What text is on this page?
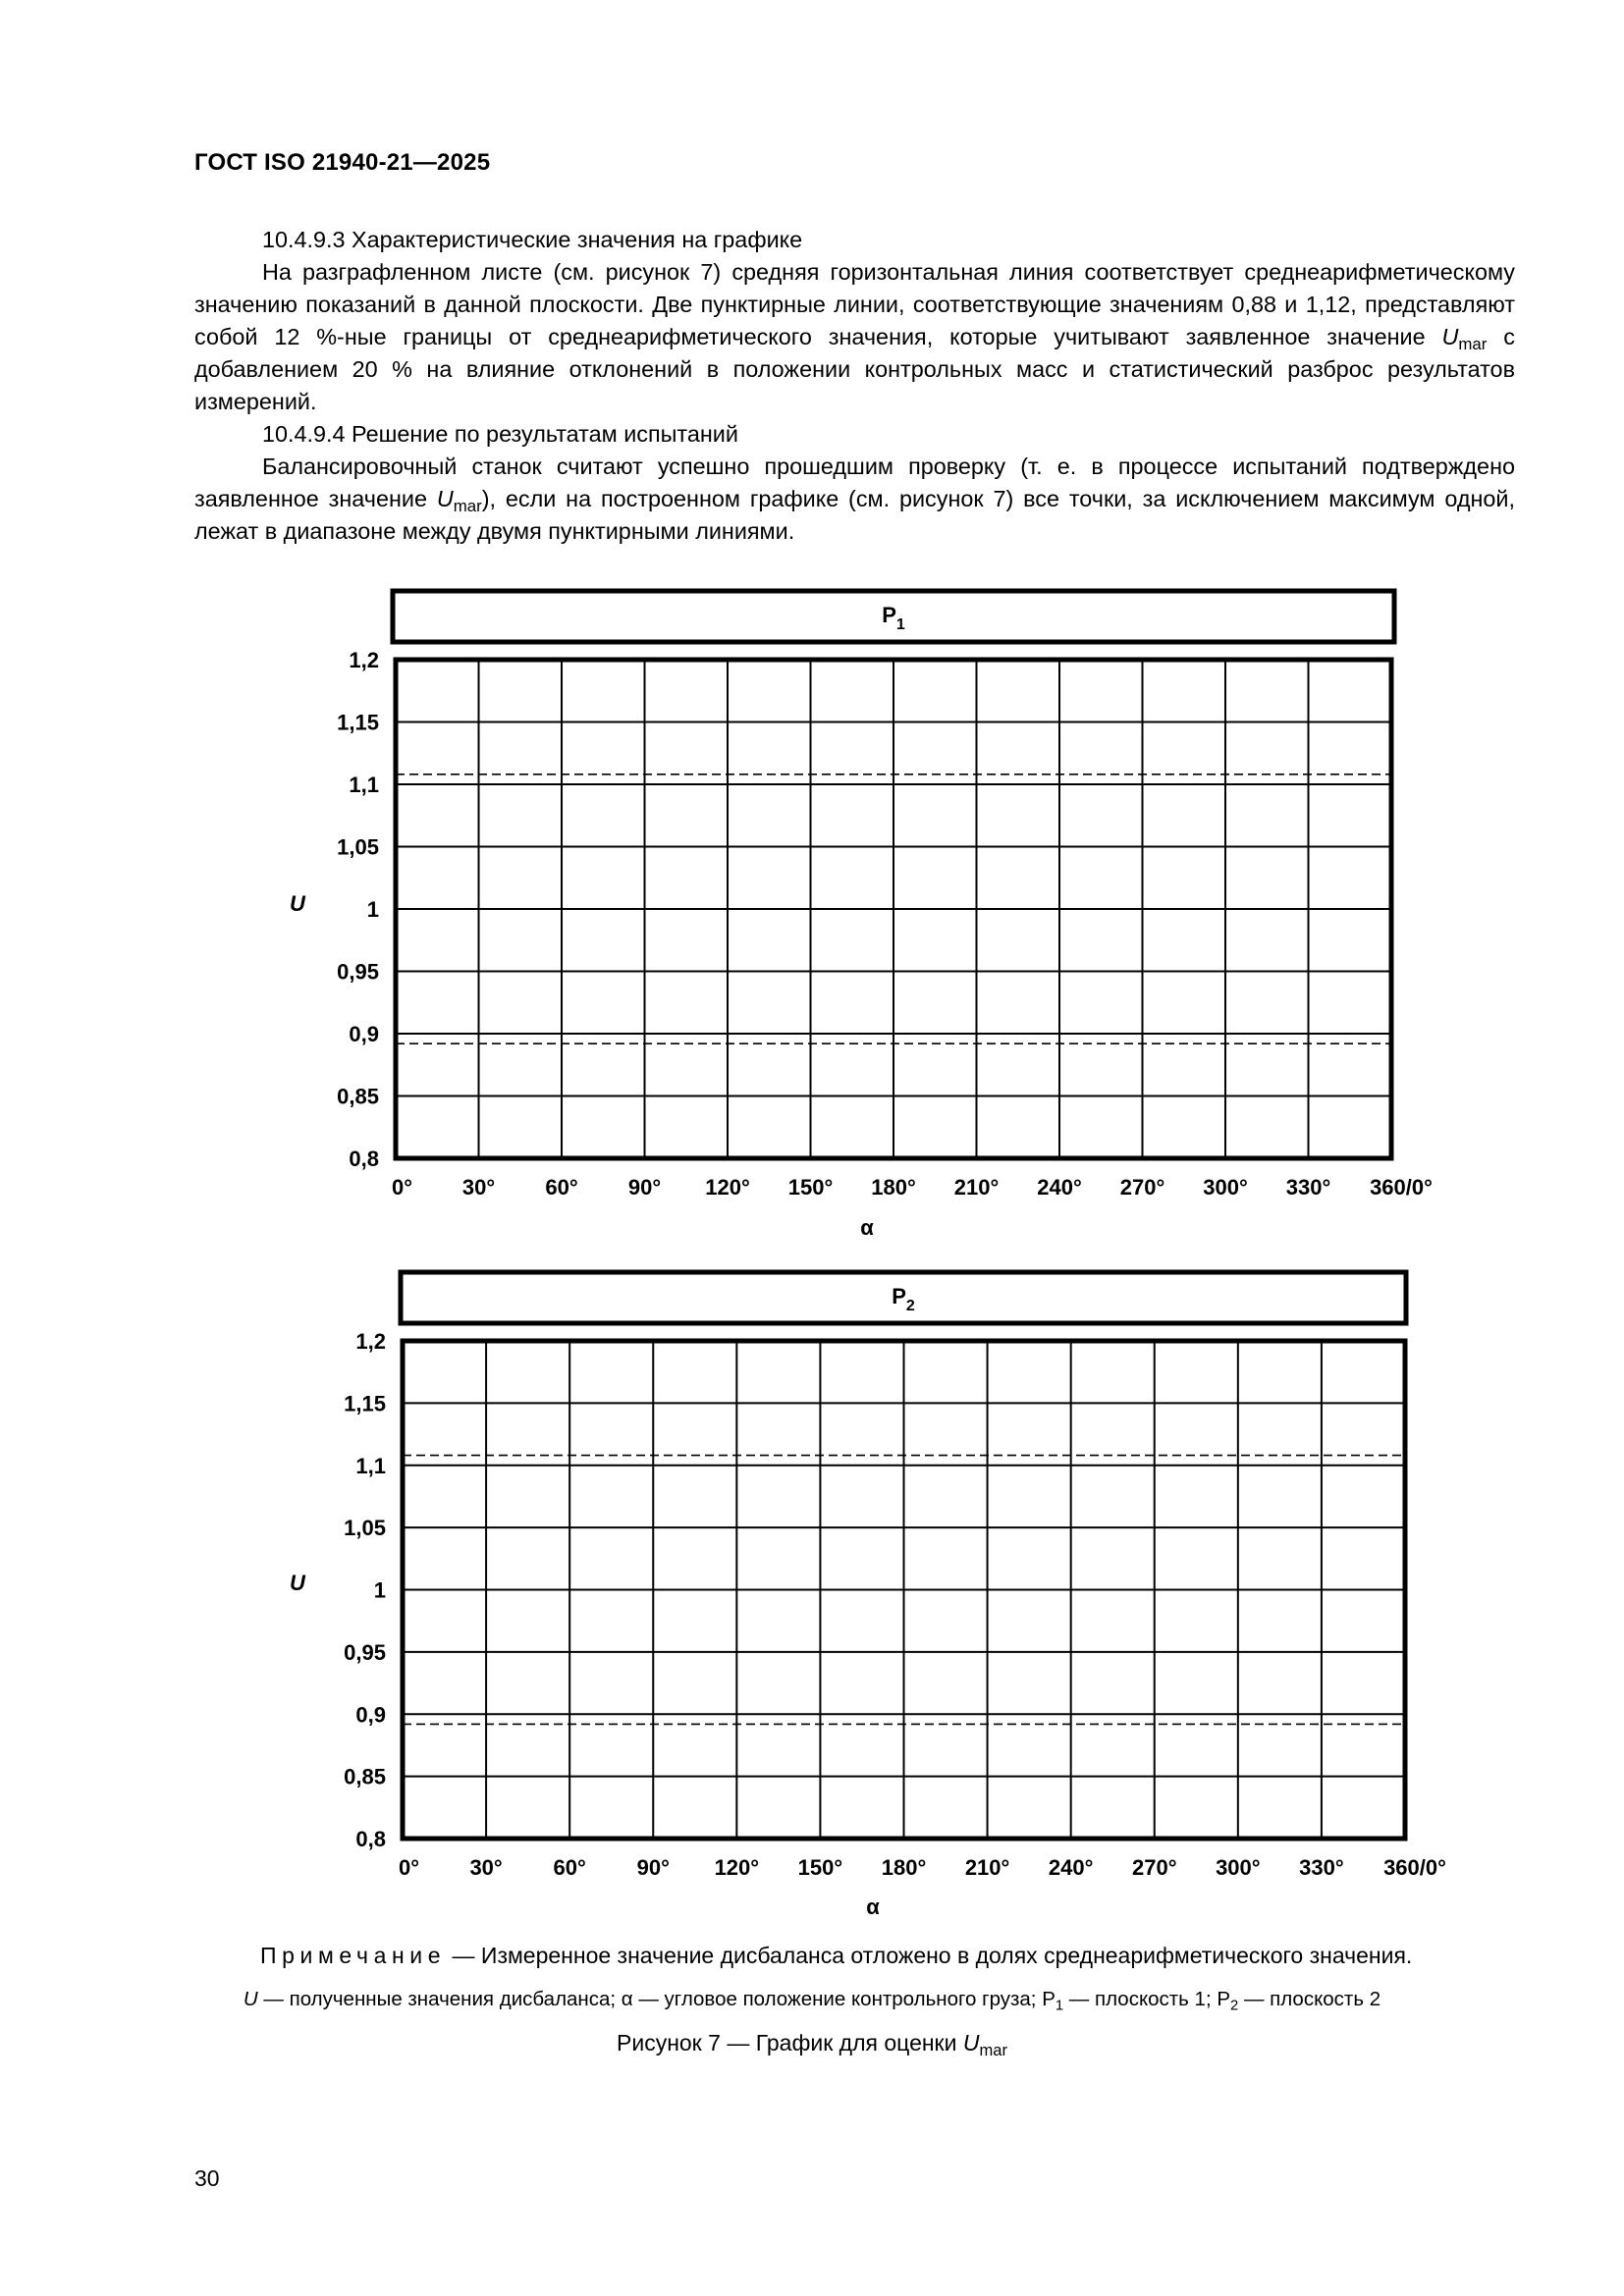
ГОСТ ISO 21940-21—2025

10.4.9.3 Характеристические значения на графике

На разграфленном листе (см. рисунок 7) средняя горизонтальная линия соответствует среднеарифметическому значению показаний в данной плоскости. Две пунктирные линии, соответствующие значениям 0,88 и 1,12, представляют собой 12 %-ные границы от среднеарифметического значения, которые учитывают заявленное значение $U_{mar}$ с добавлением 20 % на влияние отклонений в положении контрольных масс и статистический разброс результатов измерений.

10.4.9.4 Решение по результатам испытаний

Балансировочный станок считают успешно прошедшим проверку (т. е. в процессе испытаний подтверждено заявленное значение $U_{mar}$), если на построенном графике (см. рисунок 7) все точки, за исключением максимум одной, лежат в диапазоне между двумя пунктирными линиями.

$P_1$
1,2
1,15
1,1
1,05
1
0,95
0,9
0,85
0,8
0° 30° 60° 90° 120° 150° 180° 210° 240° 270° 300° 330° 360/0°
U
α
$P_2$
1,2
1,15
1,1
1,05
1
0,95
0,9
0,85
0,8
0° 30° 60° 90° 120° 150° 180° 210° 240° 270° 300° 330° 360/0°
U
α
Примечание — Измеренное значение дисбаланса отложено в долях среднеарифметического значения.
U — полученные значения дисбаланса; α — угловое положение контрольного груза; $P_1$ — плоскость 1; $P_2$ — плоскость 2
Рисунок 7 — График для оценки $U_{mar}$
30
